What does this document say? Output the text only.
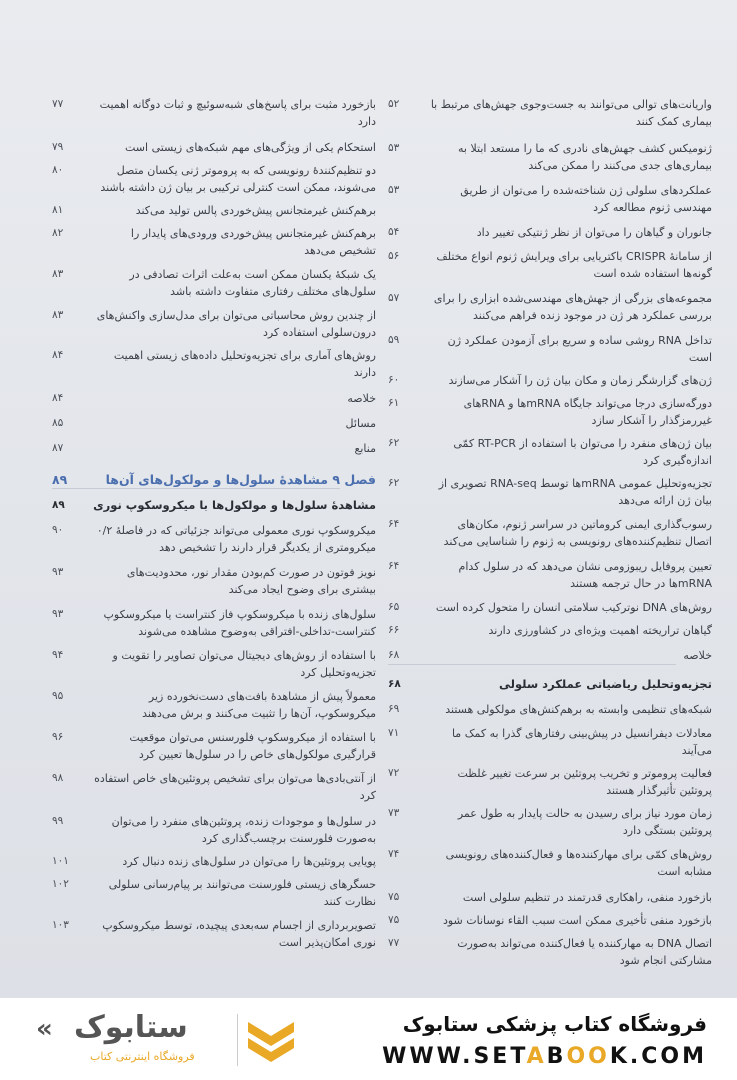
واریانت‌های توالی می‌توانند به جست‌وجوی جهش‌های مرتبط با بیماری کمک کنند
۵۲
ژنومیکس کشف جهش‌های نادری که ما را مستعد ابتلا به بیماری‌های جدی می‌کنند را ممکن می‌کند
۵۳
عملکردهای سلولی ژن شناخته‌شده را می‌توان از طریق مهندسی ژنوم مطالعه کرد
۵۳
جانوران و گیاهان را می‌توان از نظر ژنتیکی تغییر داد
۵۴
از سامانهٔ CRISPR باکتریایی برای ویرایش ژنوم انواع مختلف گونه‌ها استفاده شده است
۵۶
مجموعه‌های بزرگی از جهش‌های مهندسی‌شده ابزاری را برای بررسی عملکرد هر ژن در موجود زنده فراهم می‌کنند
۵۷
تداخل RNA روشی ساده و سریع برای آزمودن عملکرد ژن است
۵۹
ژن‌های گزارشگر زمان و مکان بیان ژن را آشکار می‌سازند
۶۰
دورگه‌سازی درجا می‌تواند جایگاه mRNAها و RNAهای غیررمزگذار را آشکار سازد
۶۱
بیان ژن‌های منفرد را می‌توان با استفاده از RT-PCR کمّی اندازه‌گیری کرد
۶۲
تجزیه‌وتحلیل عمومی mRNAها توسط RNA-seq تصویری از بیان ژن ارائه می‌دهد
۶۲
رسوب‌گذاری ایمنی کروماتین در سراسر ژنوم، مکان‌های اتصال تنظیم‌کننده‌های رونویسی به ژنوم را شناسایی می‌کند
۶۴
تعیین پروفایل ریبوزومی نشان می‌دهد که در سلول کدام mRNAها در حال ترجمه هستند
۶۴
روش‌های DNA نوترکیب سلامتی انسان را متحول کرده است
۶۵
گیاهان تراریخته اهمیت ویژه‌ای در کشاورزی دارند
۶۶
خلاصه
۶۸
تجزیه‌وتحلیل ریاضیاتی عملکرد سلولی
۶۸
شبکه‌های تنظیمی وابسته به برهم‌کنش‌های مولکولی هستند
۶۹
معادلات دیفرانسیل در پیش‌بینی رفتارهای گذرا به کمک ما می‌آیند
۷۱
فعالیت پروموتر و تخریب پروتئین بر سرعت تغییر غلظت پروتئین تأثیرگذار هستند
۷۲
زمان مورد نیاز برای رسیدن به حالت پایدار به طول عمر پروتئین بستگی دارد
۷۳
روش‌های کمّی برای مهارکننده‌ها و فعال‌کننده‌های رونویسی مشابه است
۷۴
بازخورد منفی، راهکاری قدرتمند در تنظیم سلولی است
۷۵
بازخورد منفی تأخیری ممکن است سبب القاء نوسانات شود
۷۵
اتصال DNA به مهارکننده یا فعال‌کننده می‌تواند به‌صورت مشارکتی انجام شود
۷۷
بازخورد مثبت برای پاسخ‌های شبه‌سوئیچ و ثبات دوگانه اهمیت دارد
۷۷
استحکام یکی از ویژگی‌های مهم شبکه‌های زیستی است
۷۹
دو تنظیم‌کنندهٔ رونویسی که به پروموتر ژنی یکسان متصل می‌شوند، ممکن است کنترلی ترکیبی بر بیان ژن داشته باشند
۸۰
برهم‌کنش غیرمتجانس پیش‌خوردی پالس تولید می‌کند
۸۱
برهم‌کنش غیرمتجانس پیش‌خوردی ورودی‌های پایدار را تشخیص می‌دهد
۸۲
یک شبکهٔ یکسان ممکن است به‌علت اثرات تصادفی در سلول‌های مختلف رفتاری متفاوت داشته باشد
۸۳
از چندین روش محاسباتی می‌توان برای مدل‌سازی واکنش‌های درون‌سلولی استفاده کرد
۸۳
روش‌های آماری برای تجزیه‌وتحلیل داده‌های زیستی اهمیت دارند
۸۴
خلاصه
۸۴
مسائل
۸۵
منابع
۸۷
فصل ۹ مشاهدهٔ سلول‌ها و مولکول‌های آن‌ها
۸۹
مشاهدهٔ سلول‌ها و مولکول‌ها با میکروسکوپ نوری
۸۹
میکروسکوپ نوری معمولی می‌تواند جزئیاتی که در فاصلهٔ ۰/۲ میکرومتری از یکدیگر قرار دارند را تشخیص دهد
۹۰
نویز فوتون در صورت کم‌بودن مقدار نور، محدودیت‌های بیشتری برای وضوح ایجاد می‌کند
۹۳
سلول‌های زنده با میکروسکوپ فاز کنتراست یا میکروسکوپ کنتراست-تداخلی-افتراقی به‌وضوح مشاهده می‌شوند
۹۳
با استفاده از روش‌های دیجیتال می‌توان تصاویر را تقویت و تجزیه‌وتحلیل کرد
۹۴
معمولاً پیش از مشاهدهٔ بافت‌های دست‌نخورده زیر میکروسکوپ، آن‌ها را تثبیت می‌کنند و برش می‌دهند
۹۵
با استفاده از میکروسکوپ فلورسنس می‌توان موقعیت قرارگیری مولکول‌های خاص را در سلول‌ها تعیین کرد
۹۶
از آنتی‌بادی‌ها می‌توان برای تشخیص پروتئین‌های خاص استفاده کرد
۹۸
در سلول‌ها و موجودات زنده، پروتئین‌های منفرد را می‌توان به‌صورت فلورسنت برچسب‌گذاری کرد
۹۹
پویایی پروتئین‌ها را می‌توان در سلول‌های زنده دنبال کرد
۱۰۱
حسگرهای زیستی فلورسنت می‌توانند بر پیام‌رسانی سلولی نظارت کنند
۱۰۲
تصویربرداری از اجسام سه‌بعدی پیچیده، توسط میکروسکوپ نوری امکان‌پذیر است
۱۰۳
« ستابوک
فروشگاه اینترنتی کتاب
فروشگاه کتاب پزشکی ستابوک
WWW.SETABOOK.COM
